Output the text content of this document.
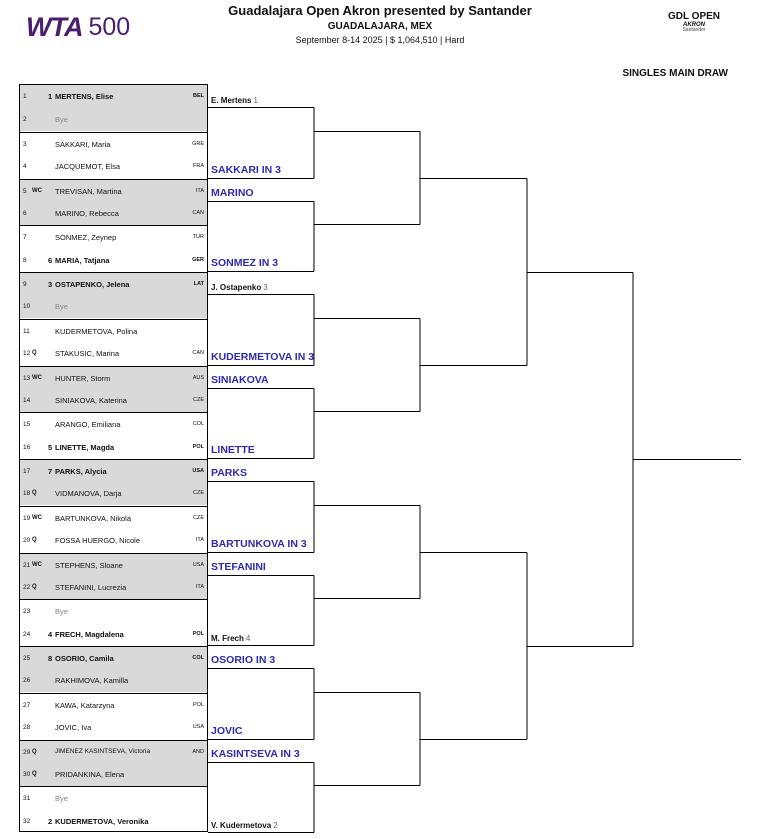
WTA 500
Guadalajara Open Akron presented by Santander
GUADALAJARA, MEX
September 8-14 2025 | $ 1,064,510 | Hard
GDL OPEN
AKRON
Santander
SINGLES MAIN DRAW
1	1 MERTENS, Elise	BEL
2	Bye
3	SAKKARI, Maria	GRE
4	JACQUEMOT, Elsa	FRA
5 WC TREVISAN, Martina	ITA
6	MARINO, Rebecca	CAN
7	SONMEZ, Zeynep	TUR
8	6 MARIA, Tatjana	GER
9	3 OSTAPENKO, Jelena	LAT
10	Bye
11	KUDERMETOVA, Polina
12 Q STAKUSIC, Marina	CAN
13 WC HUNTER, Storm	AUS
14	SINIAKOVA, Katerina	CZE
15	ARANGO, Emiliana	COL
16 5 LINETTE, Magda	POL
17 7 PARKS, Alycia	USA
18 Q VIDMANOVA, Darja	CZE
19 WC BARTUNKOVA, Nikola	CZE
20 Q FOSSA HUERGO, Nicole	ITA
21 WC STEPHENS, Sloane	USA
22 Q STEFANINI, Lucrezia	ITA
23	Bye
24 4 FRECH, Magdalena	POL
25 8 OSORIO, Camila	COL
26	RAKHIMOVA, Kamilla
27	KAWA, Katarzyna	POL
28	JOVIC, Iva	USA
29 Q	JIMENEZ KASINTSEVA, Victoria	AND
30 Q PRIDANKINA, Elena
31	Bye
32 2 KUDERMETOVA, Veronika
E. Mertens 1
SAKKARI IN 3
MARINO
SONMEZ IN 3
J. Ostapenko 3
KUDERMETOVA IN 3
SINIAKOVA
LINETTE
PARKS
BARTUNKOVA IN 3
STEFANINI
M. Frech 4
OSORIO IN 3
JOVIC
KASINTSEVA IN 3
V. Kudermetova 2
